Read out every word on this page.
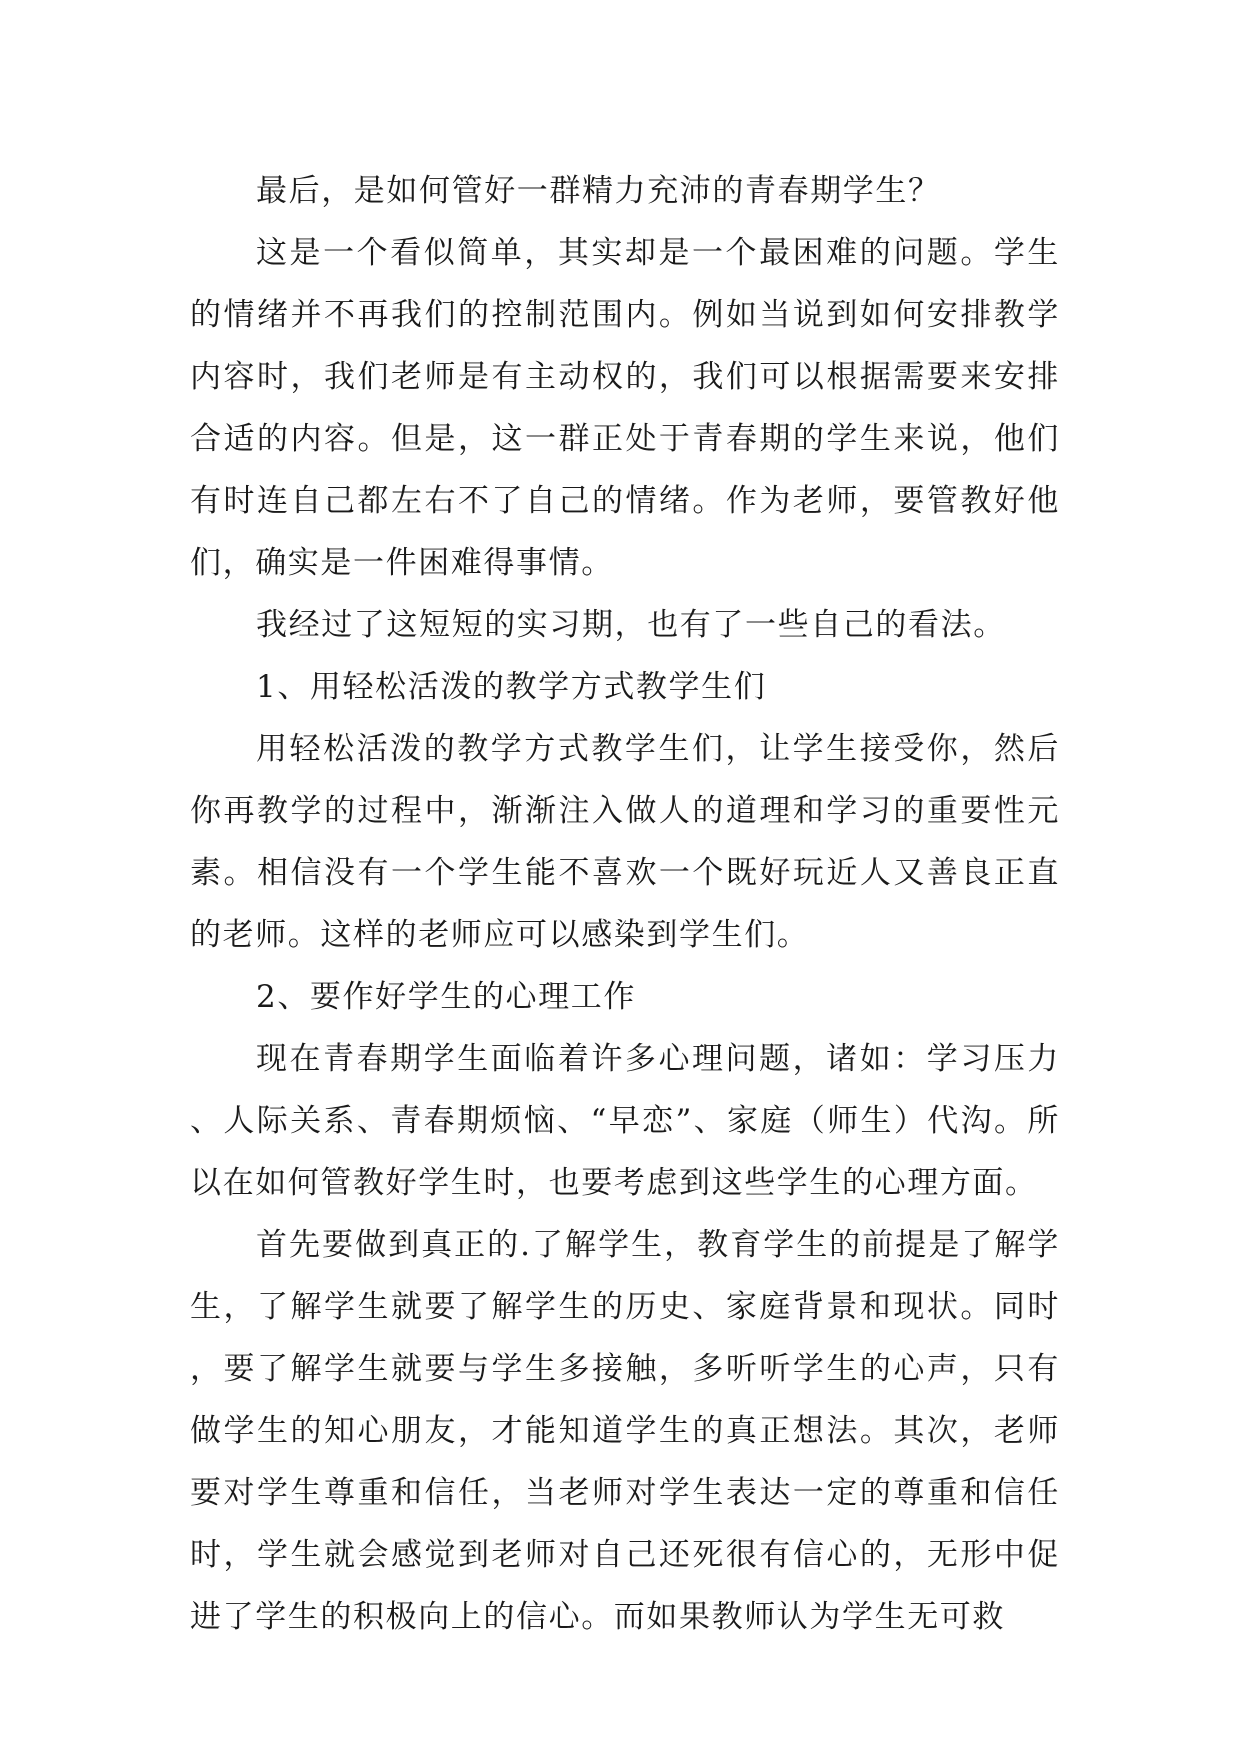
最后，是如何管好一群精力充沛的青春期学生？

这是一个看似简单，其实却是一个最困难的问题。学生的情绪并不再我们的控制范围内。例如当说到如何安排教学内容时，我们老师是有主动权的，我们可以根据需要来安排合适的内容。但是，这一群正处于青春期的学生来说，他们有时连自己都左右不了自己的情绪。作为老师，要管教好他们，确实是一件困难得事情。

我经过了这短短的实习期，也有了一些自己的看法。

1、用轻松活泼的教学方式教学生们

用轻松活泼的教学方式教学生们，让学生接受你，然后你再教学的过程中，渐渐注入做人的道理和学习的重要性元素。相信没有一个学生能不喜欢一个既好玩近人又善良正直的老师。这样的老师应可以感染到学生们。

2、要作好学生的心理工作

现在青春期学生面临着许多心理问题，诸如：学习压力、人际关系、青春期烦恼、“早恋”、家庭（师生）代沟。所以在如何管教好学生时，也要考虑到这些学生的心理方面。

首先要做到真正的.了解学生，教育学生的前提是了解学生，了解学生就要了解学生的历史、家庭背景和现状。同时，要了解学生就要与学生多接触，多听听学生的心声，只有做学生的知心朋友，才能知道学生的真正想法。其次，老师要对学生尊重和信任，当老师对学生表达一定的尊重和信任时，学生就会感觉到老师对自己还死很有信心的，无形中促进了学生的积极向上的信心。而如果教师认为学生无可救
